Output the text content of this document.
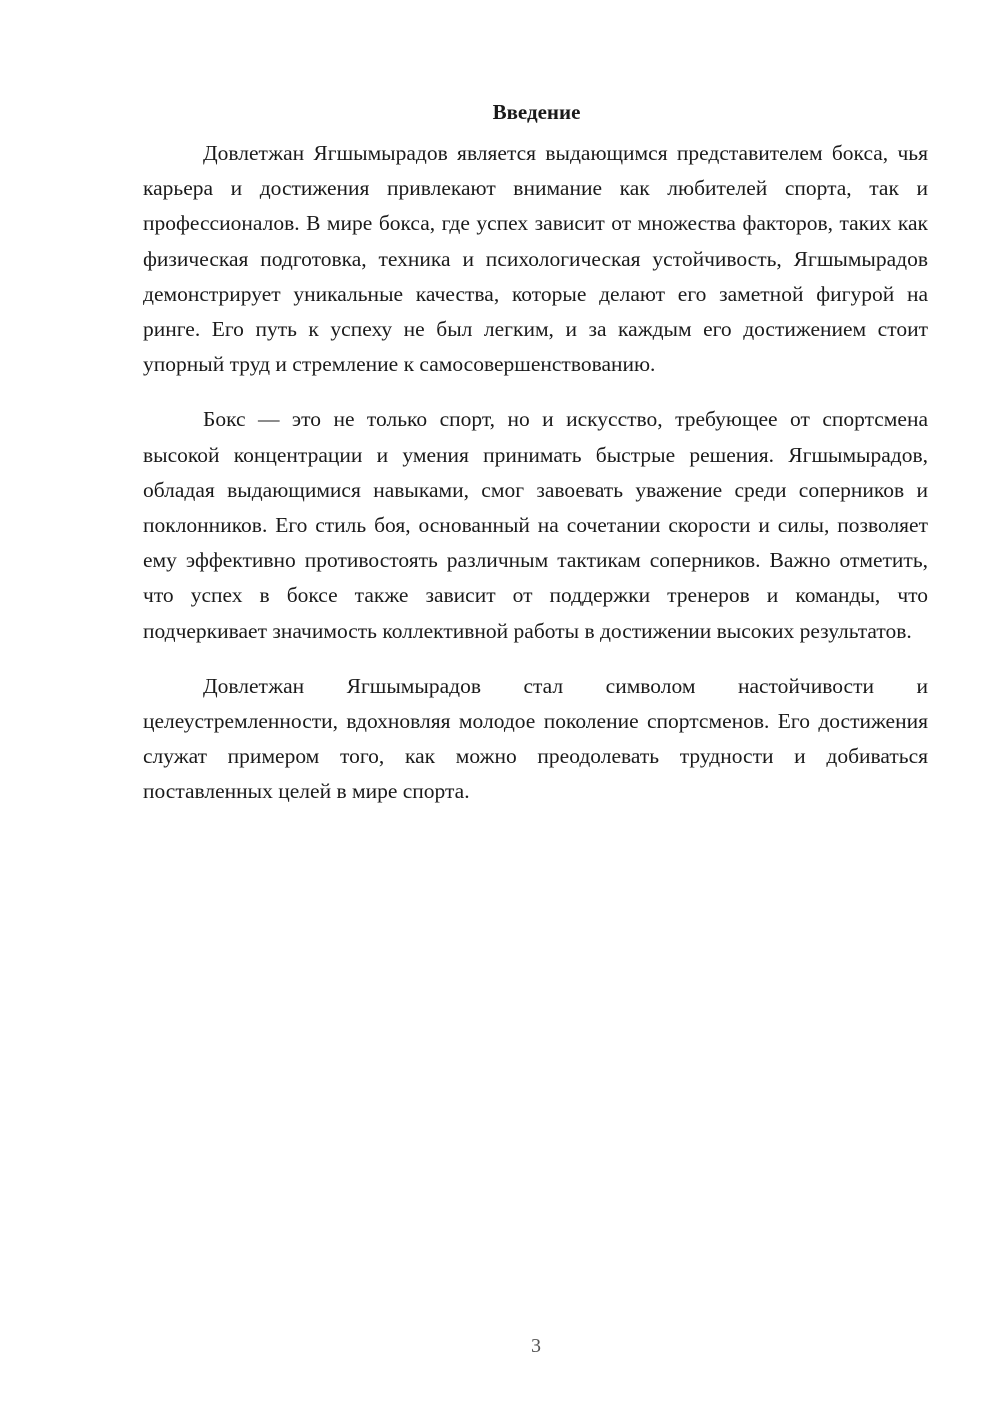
Введение

Довлетжан Ягшымырадов является выдающимся представителем бокса, чья карьера и достижения привлекают внимание как любителей спорта, так и профессионалов. В мире бокса, где успех зависит от множества факторов, таких как физическая подготовка, техника и психологическая устойчивость, Ягшымырадов демонстрирует уникальные качества, которые делают его заметной фигурой на ринге. Его путь к успеху не был легким, и за каждым его достижением стоит упорный труд и стремление к самосовершенствованию.

Бокс — это не только спорт, но и искусство, требующее от спортсмена высокой концентрации и умения принимать быстрые решения. Ягшымырадов, обладая выдающимися навыками, смог завоевать уважение среди соперников и поклонников. Его стиль боя, основанный на сочетании скорости и силы, позволяет ему эффективно противостоять различным тактикам соперников. Важно отметить, что успех в боксе также зависит от поддержки тренеров и команды, что подчеркивает значимость коллективной работы в достижении высоких результатов.

Довлетжан Ягшымырадов стал символом настойчивости и целеустремленности, вдохновляя молодое поколение спортсменов. Его достижения служат примером того, как можно преодолевать трудности и добиваться поставленных целей в мире спорта.

3
